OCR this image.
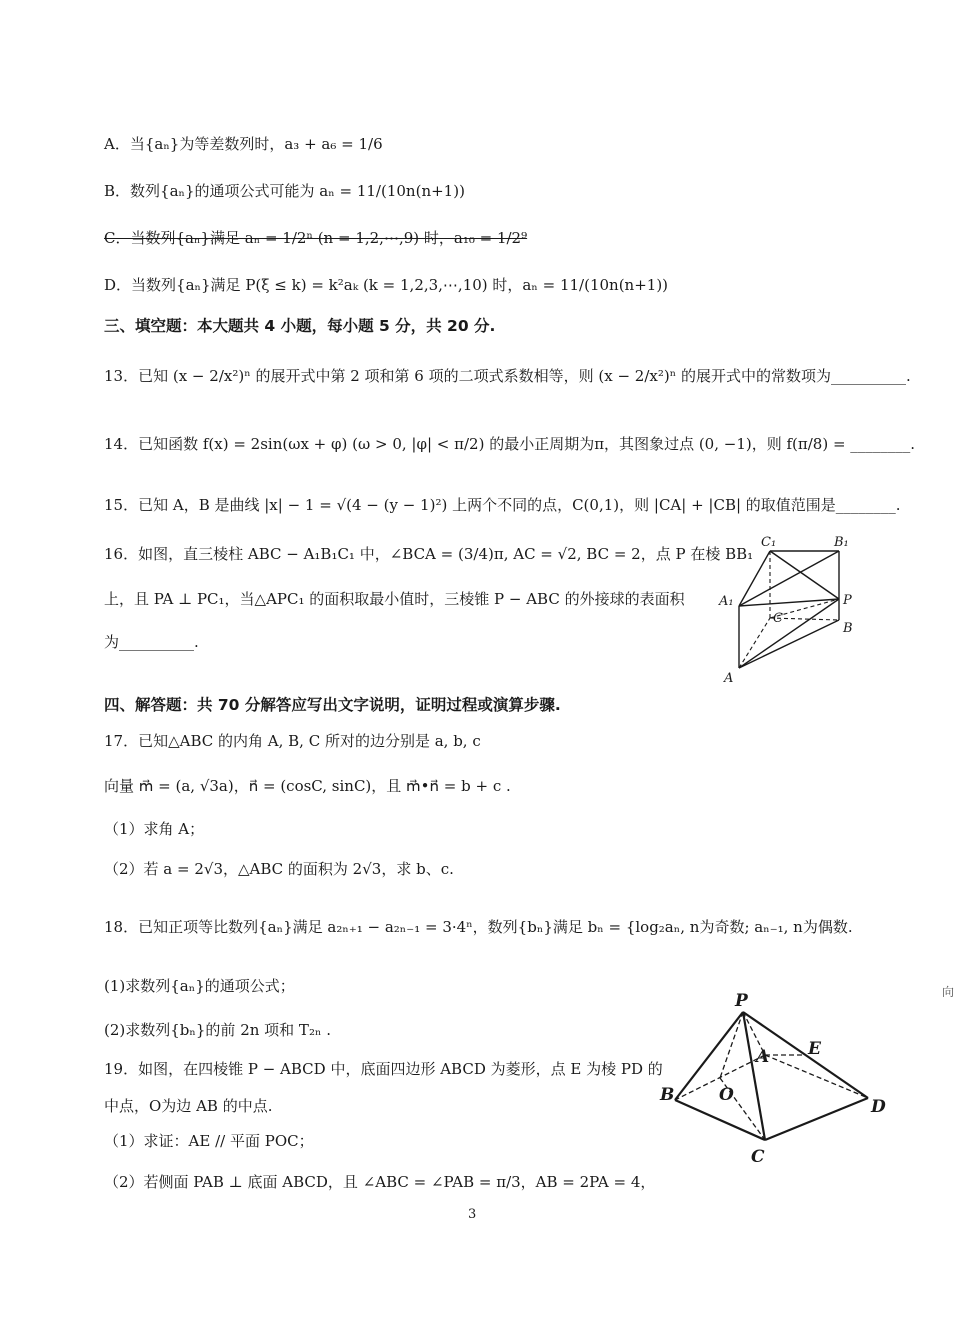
A．当{aₙ}为等差数列时，a₃ + a₆ = 1/6
B．数列{aₙ}的通项公式可能为 aₙ = 11/(10n(n+1))
C．当数列{aₙ}满足 aₙ = 1/2ⁿ (n = 1,2,⋯,9) 时，a₁₀ = 1/2⁹
D．当数列{aₙ}满足 P(ξ ≤ k) = k²aₖ (k = 1,2,3,⋯,10) 时，aₙ = 11/(10n(n+1))
三、填空题：本大题共 4 小题，每小题 5 分，共 20 分.
13．已知 (x − 2/x²)ⁿ 的展开式中第 2 项和第 6 项的二项式系数相等，则 (x − 2/x²)ⁿ 的展开式中的常数项为__________.
14．已知函数 f(x) = 2sin(ωx + φ) (ω > 0, |φ| < π/2) 的最小正周期为π，其图象过点 (0, −1)，则 f(π/8) = ________.
15．已知 A，B 是曲线 |x| − 1 = √(4 − (y − 1)²) 上两个不同的点，C(0,1)，则 |CA| + |CB| 的取值范围是________.
16．如图，直三棱柱 ABC − A₁B₁C₁ 中，∠BCA = (3/4)π, AC = √2, BC = 2，点 P 在棱 BB₁
上，且 PA ⊥ PC₁，当△APC₁ 的面积取最小值时，三棱锥 P − ABC 的外接球的表面积
为__________.
C₁	B₁
A₁	P
C
B
A
四、解答题：共 70 分解答应写出文字说明，证明过程或演算步骤.
17．已知△ABC 的内角 A, B, C 所对的边分别是 a, b, c
向量 m⃗ = (a, √3a)，n⃗ = (cosC, sinC)，且 m⃗•n⃗ = b + c .
（1）求角 A；
（2）若 a = 2√3，△ABC 的面积为 2√3，求 b、c.
18．已知正项等比数列{aₙ}满足 a₂ₙ₊₁ − a₂ₙ₋₁ = 3·4ⁿ，数列{bₙ}满足 bₙ = {log₂aₙ, n为奇数; aₙ₋₁, n为偶数.
(1)求数列{aₙ}的通项公式；
(2)求数列{bₙ}的前 2n 项和 T₂ₙ .
19．如图，在四棱锥 P − ABCD 中，底面四边形 ABCD 为菱形，点 E 为棱 PD 的
中点，O为边 AB 的中点.
（1）求证：AE // 平面 POC；
（2）若侧面 PAB ⊥ 底面 ABCD，且 ∠ABC = ∠PAB = π/3，AB = 2PA = 4，
P
A E
B	O
D
C
3
向
